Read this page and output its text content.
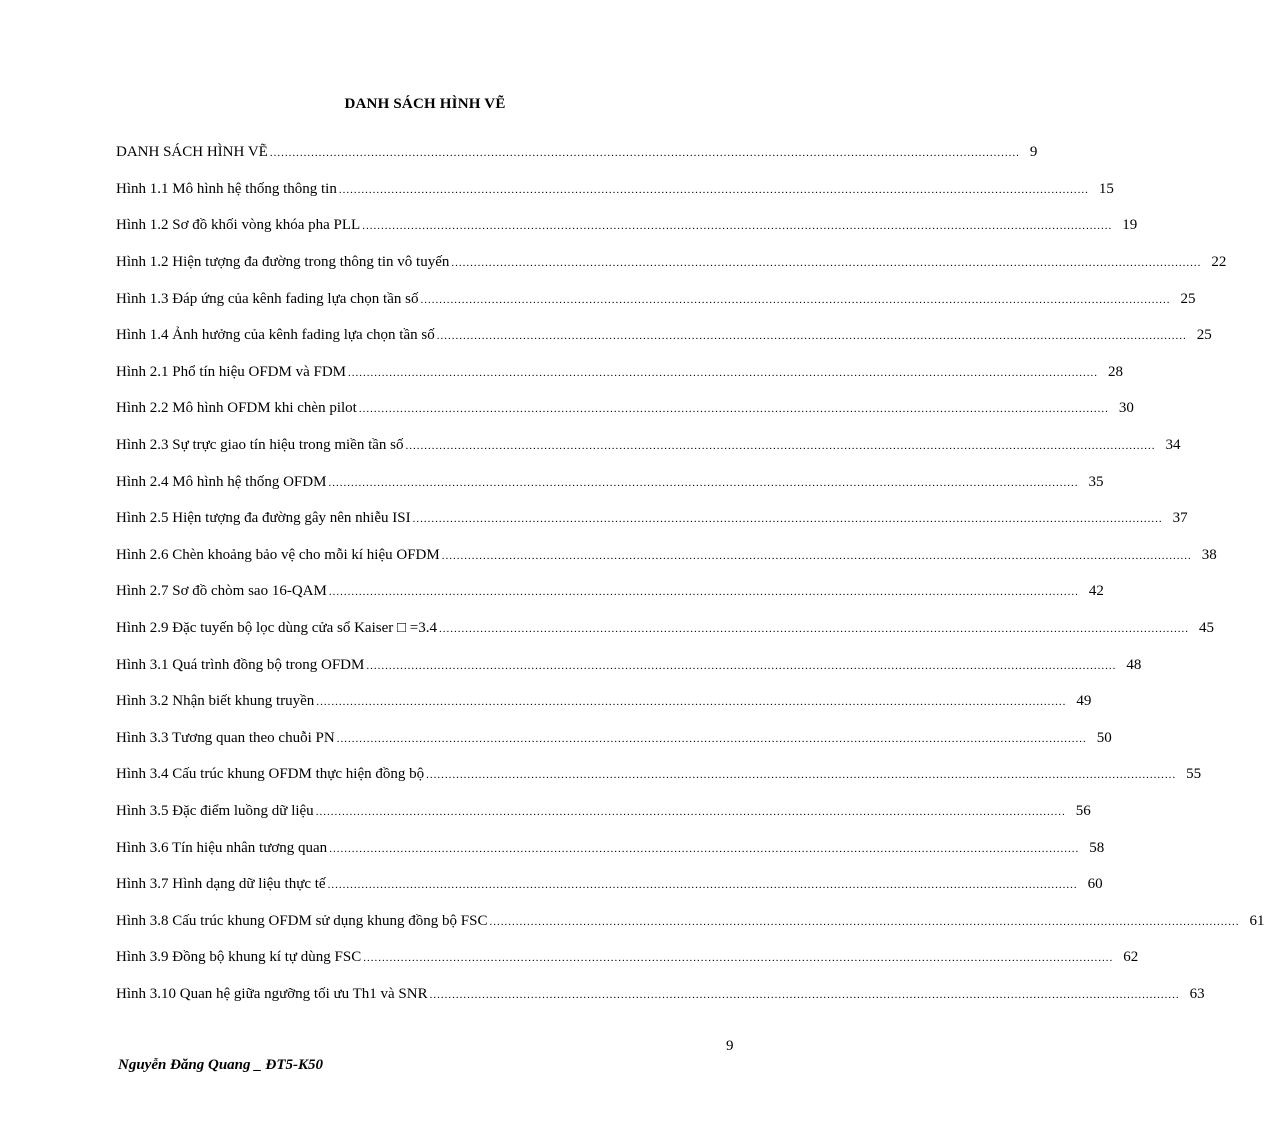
DANH SÁCH HÌNH VẼ
DANH SÁCH HÌNH VẼ ........................................................................................................................................................................................................ 9
Hình 1.1 Mô hình hệ thống thông tin ........................................................................................................................................................................................................ 15
Hình 1.2 Sơ đồ khối vòng khóa pha PLL ........................................................................................................................................................................................................ 19
Hình 1.2 Hiện tượng đa đường trong thông tin vô tuyến ........................................................................................................................................................................................................ 22
Hình 1.3 Đáp ứng của kênh fading lựa chọn tần số ........................................................................................................................................................................................................ 25
Hình 1.4 Ảnh hưởng của kênh fading lựa chọn tần số ........................................................................................................................................................................................................ 25
Hình 2.1 Phổ tín hiệu OFDM và FDM ........................................................................................................................................................................................................ 28
Hình 2.2 Mô hình OFDM khi chèn pilot ........................................................................................................................................................................................................ 30
Hình 2.3 Sự trực giao tín hiệu trong miền tần số ........................................................................................................................................................................................................ 34
Hình 2.4 Mô hình hệ thống OFDM ........................................................................................................................................................................................................ 35
Hình 2.5 Hiện tượng đa đường gây nên nhiễu ISI ........................................................................................................................................................................................................ 37
Hình 2.6 Chèn khoảng bảo vệ cho mỗi kí hiệu OFDM ........................................................................................................................................................................................................ 38
Hình 2.7 Sơ đồ chòm sao 16-QAM ........................................................................................................................................................................................................ 42
Hình 2.9 Đặc tuyến bộ lọc dùng cửa sổ Kaiser □ =3.4 ........................................................................................................................................................................................................ 45
Hình 3.1 Quá trình đồng bộ trong OFDM ........................................................................................................................................................................................................ 48
Hình 3.2 Nhận biết khung truyền ........................................................................................................................................................................................................ 49
Hình 3.3 Tương quan theo chuỗi PN ........................................................................................................................................................................................................ 50
Hình 3.4 Cấu trúc khung OFDM thực hiện đồng bộ ........................................................................................................................................................................................................ 55
Hình 3.5 Đặc điểm luồng dữ liệu ........................................................................................................................................................................................................ 56
Hình 3.6 Tín hiệu nhân tương quan ........................................................................................................................................................................................................ 58
Hình 3.7 Hình dạng dữ liệu thực tế ........................................................................................................................................................................................................ 60
Hình 3.8 Cấu trúc khung OFDM sử dụng khung đồng bộ FSC ........................................................................................................................................................................................................ 61
Hình 3.9 Đồng bộ khung kí tự dùng FSC ........................................................................................................................................................................................................ 62
Hình 3.10 Quan hệ giữa ngưỡng tối ưu Th1 và SNR ........................................................................................................................................................................................................ 63
9
Nguyễn Đăng Quang _ ĐT5-K50
